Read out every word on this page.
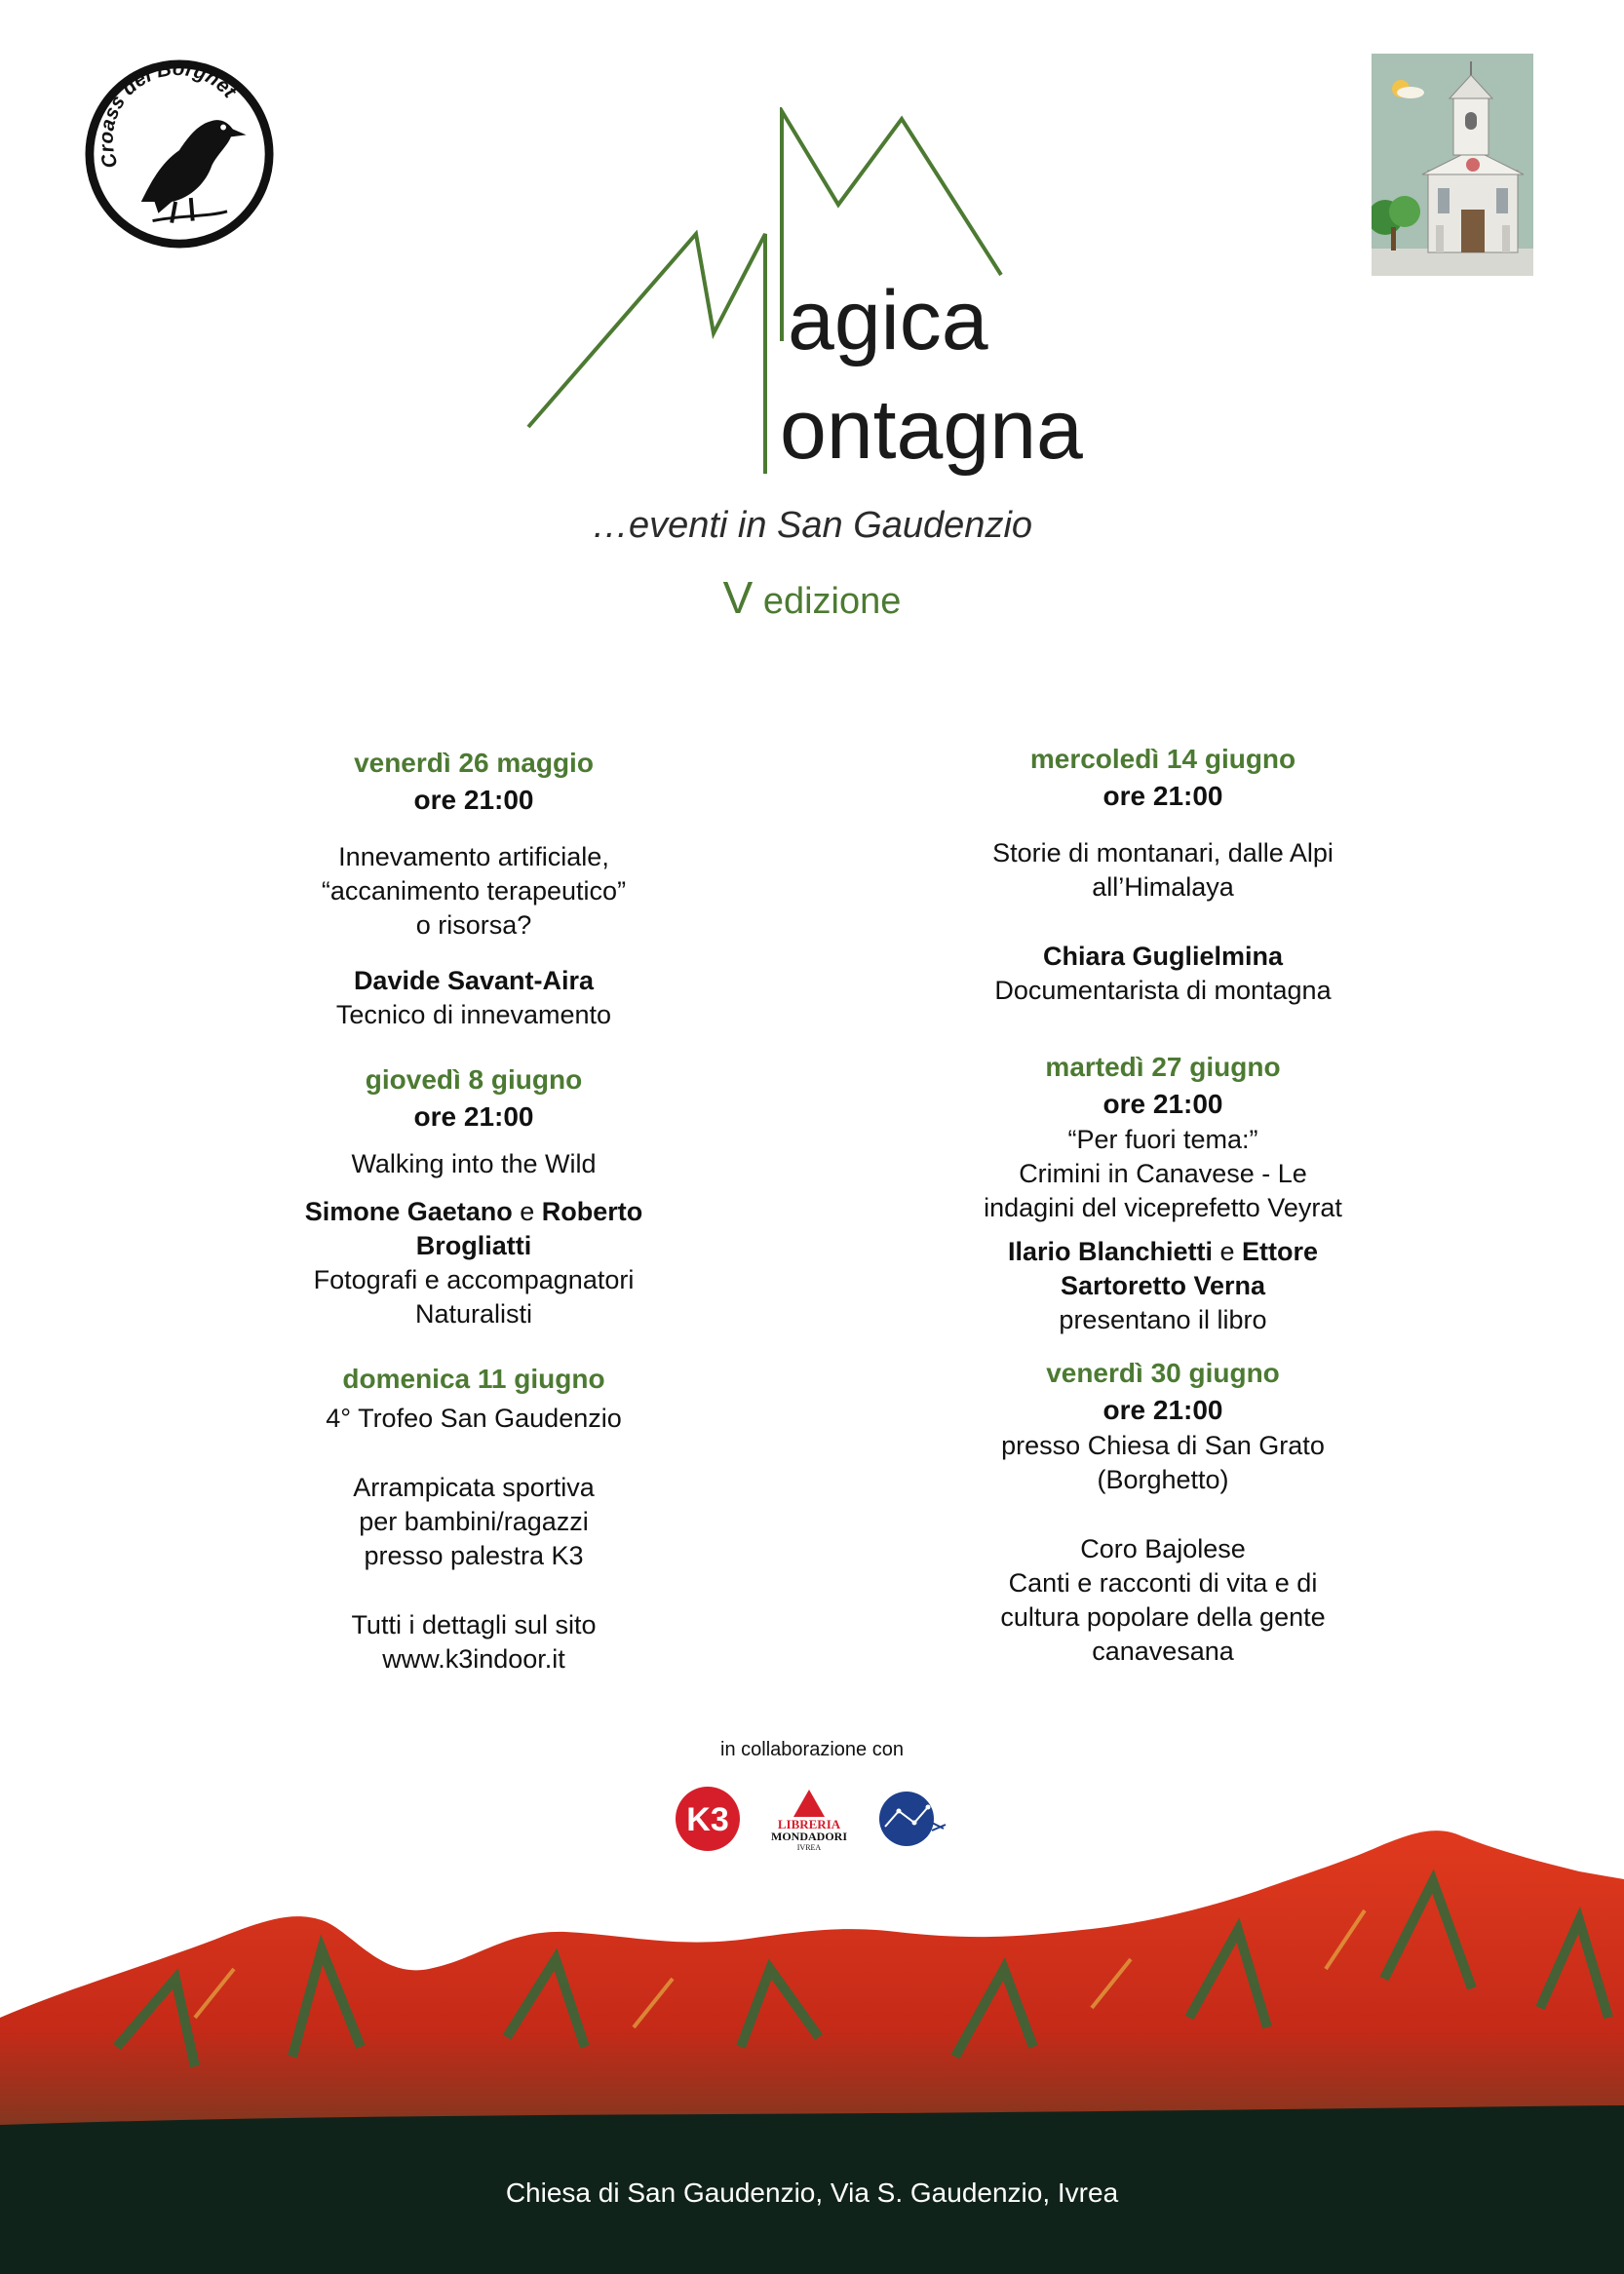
Croass del Borghet
agica
ontagna
…eventi in San Gaudenzio
V edizione
venerdì 26 maggio
ore 21:00
Innevamento artificiale,
“accanimento terapeutico”
o risorsa?
Davide Savant-Aira
Tecnico di innevamento
giovedì 8 giugno
ore 21:00
Walking into the Wild
Simone Gaetano e Roberto
Brogliatti
Fotografi e accompagnatori
Naturalisti
domenica 11 giugno
4° Trofeo San Gaudenzio
Arrampicata sportiva
per bambini/ragazzi
presso palestra K3
Tutti i dettagli sul sito
www.k3indoor.it
mercoledì 14 giugno
ore 21:00
Storie di montanari, dalle Alpi
all’Himalaya
Chiara Guglielmina
Documentarista di montagna
martedì 27 giugno
ore 21:00
“Per fuori tema:”
Crimini in Canavese - Le
indagini del viceprefetto Veyrat
Ilario Blanchietti e Ettore
Sartoretto Verna
presentano il libro
venerdì 30 giugno
ore 21:00
presso Chiesa di San Grato
(Borghetto)
Coro Bajolese
Canti e racconti di vita e di
cultura popolare della gente
canavesana
in collaborazione con
K3	LIBRERIA
MONDADORI
IVREA
Chiesa di San Gaudenzio, Via S. Gaudenzio, Ivrea
